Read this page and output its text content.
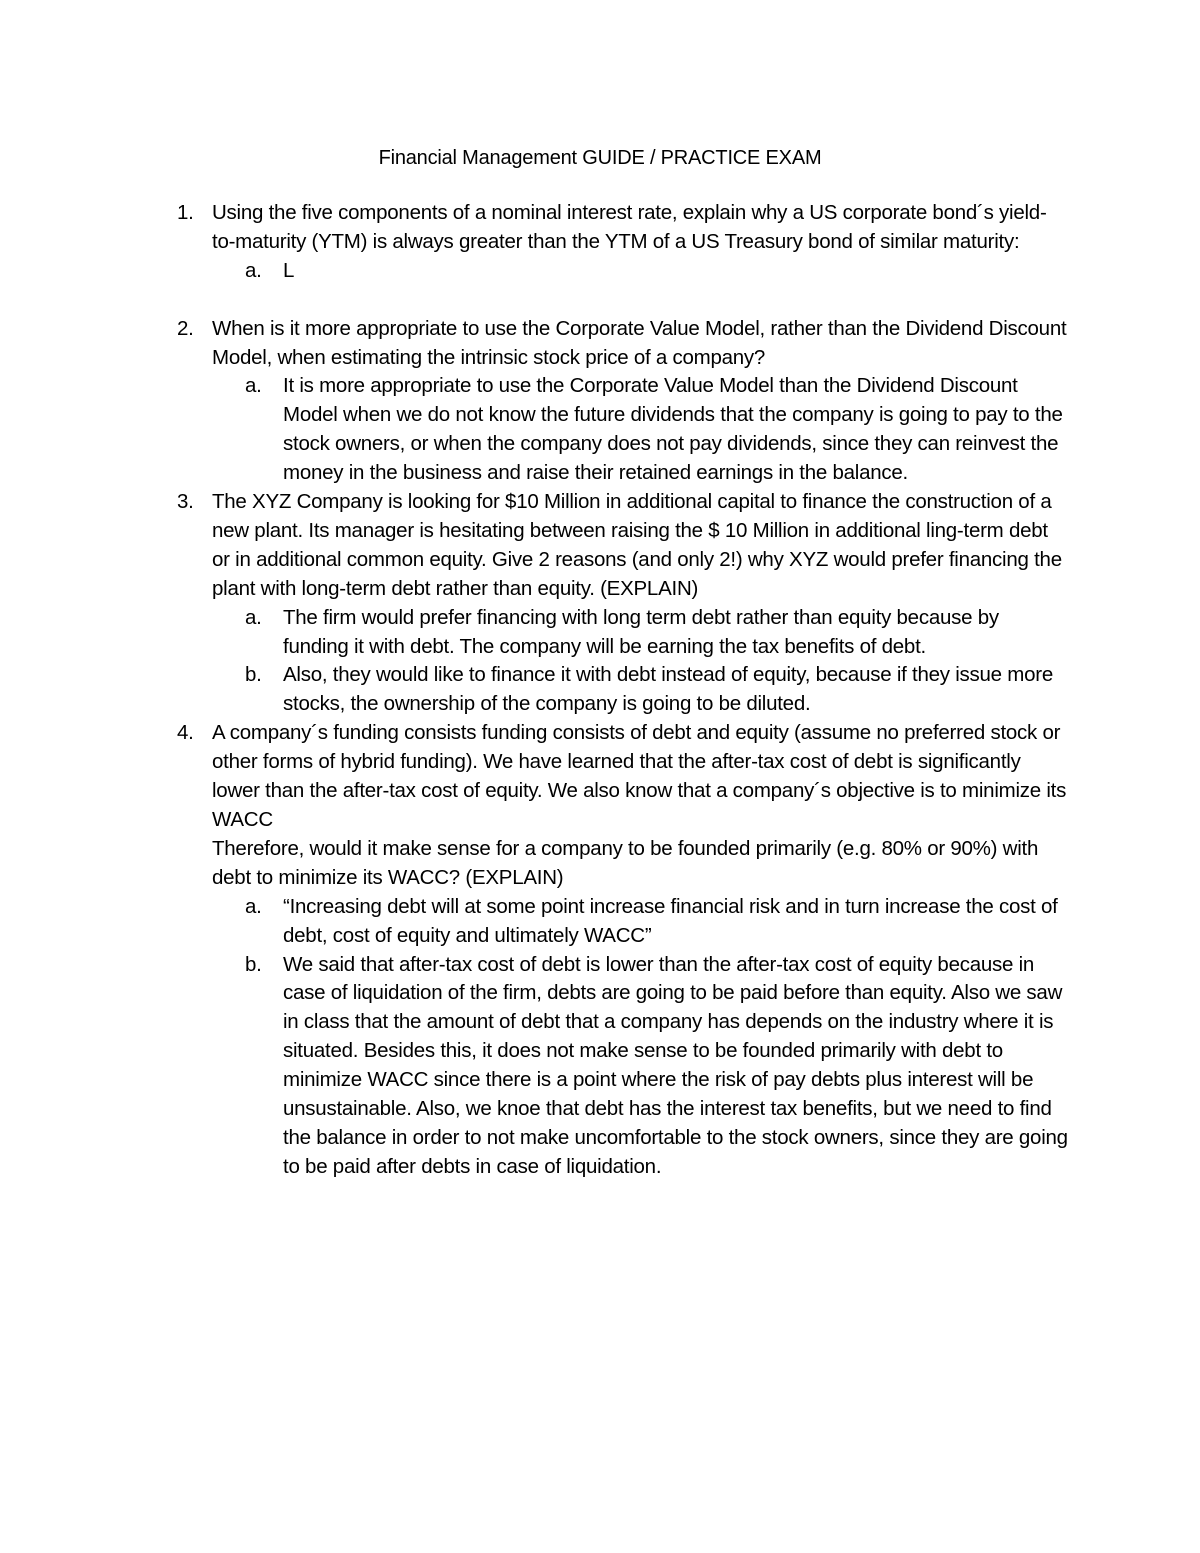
Financial Management GUIDE / PRACTICE EXAM
1. Using the five components of a nominal interest rate, explain why a US corporate bond´s yield- to-maturity (YTM) is always greater than the YTM of a US Treasury bond of similar maturity:

a. L

2. When is it more appropriate to use the Corporate Value Model, rather than the Dividend Discount Model, when estimating the intrinsic stock price of a company?

a. It is more appropriate to use the Corporate Value Model than the Dividend Discount Model when we do not know the future dividends that the company is going to pay to the stock owners, or when the company does not pay dividends, since they can reinvest the money in the business and raise their retained earnings in the balance.

3. The XYZ Company is looking for $10 Million in additional capital to finance the construction of a new plant. Its manager is hesitating between raising the $ 10 Million in additional ling-term debt or in additional common equity. Give 2 reasons (and only 2!) why XYZ would prefer financing the plant with long-term debt rather than equity. (EXPLAIN)

a. The firm would prefer financing with long term debt rather than equity because by funding it with debt. The company will be earning the tax benefits of debt.

b. Also, they would like to finance it with debt instead of equity, because if they issue more stocks, the ownership of the company is going to be diluted.

4. A company´s funding consists funding consists of debt and equity (assume no preferred stock or other forms of hybrid funding). We have learned that the after-tax cost of debt is significantly lower than the after-tax cost of equity. We also know that a company´s objective is to minimize its WACC

Therefore, would it make sense for a company to be founded primarily (e.g. 80% or 90%) with debt to minimize its WACC? (EXPLAIN)

a. “Increasing debt will at some point increase financial risk and in turn increase the cost of debt, cost of equity and ultimately WACC”

b. We said that after-tax cost of debt is lower than the after-tax cost of equity because in case of liquidation of the firm, debts are going to be paid before than equity. Also we saw in class that the amount of debt that a company has depends on the industry where it is situated. Besides this, it does not make sense to be founded primarily with debt to minimize WACC since there is a point where the risk of pay debts plus interest will be unsustainable. Also, we knoe that debt has the interest tax benefits, but we need to find the balance in order to not make uncomfortable to the stock owners, since they are going to be paid after debts in case of liquidation.
